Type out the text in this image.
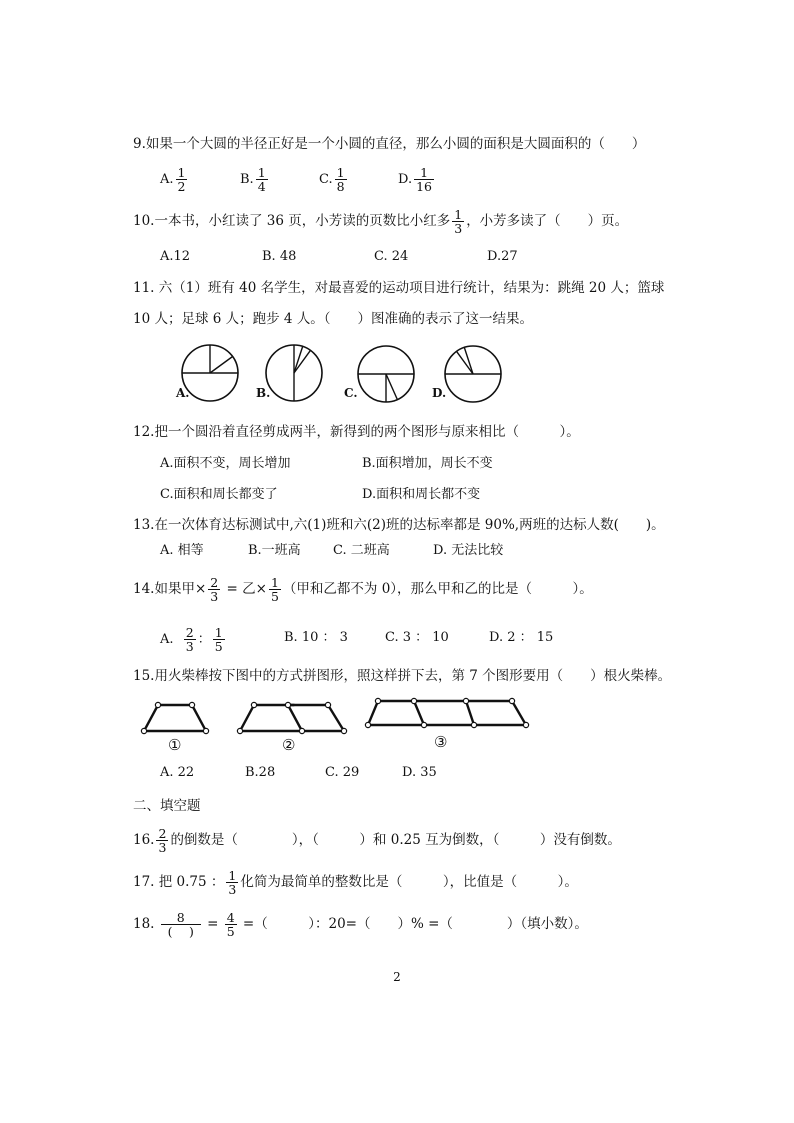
9.如果一个大圆的半径正好是一个小圆的直径，那么小圆的面积是大圆面积的（　　）
A. $\frac{1}{2}$	B. $\frac{1}{4}$	C. $\frac{1}{8}$	D. $\frac{1}{16}$
10.一本书，小红读了 36 页，小芳读的页数比小红多 $\frac{1}{3}$ ，小芳多读了（　　）页。
A.12	B. 48	C. 24	D.27
11. 六（1）班有 40 名学生，对最喜爱的运动项目进行统计，结果为：跳绳 20 人；篮球
10 人；足球 6 人；跑步 4 人。（　　）图准确的表示了这一结果。
A.	B.	C.	D.
12.把一个圆沿着直径剪成两半，新得到的两个图形与原来相比（　　　）。
A.面积不变，周长增加	B.面积增加，周长不变
C.面积和周长都变了	D.面积和周长都不变
13.在一次体育达标测试中,六(1)班和六(2)班的达标率都是 90%,两班的达标人数(　　)。
A. 相等	B.一班高 C. 二班高	D. 无法比较
14.如果甲× $\frac{2}{3}$ = 乙× $\frac{1}{5}$ （甲和乙都不为 0），那么甲和乙的比是（　　　）。
A. $\frac{2}{3}$ ： $\frac{1}{5}$	B. 10 ： 3	C. 3 ： 10	D. 2 ： 15
15.用火柴棒按下图中的方式拼图形，照这样拼下去，第 7 个图形要用（　　）根火柴棒。
①	②	③
A. 22	B.28	C. 29	D. 35
二、填空题
16. $\frac{2}{3}$ 的倒数是（　　　　），（　　　）和 0.25 互为倒数，（　　　）没有倒数。
17. 把 0.75 ： $\frac{1}{3}$ 化简为最简单的整数比是（　　　），比值是（　　　）。
18. $\frac{8}{( )} = \frac{4}{5}$ =（　　　）：20=（　　）% =（　　　　）（填小数）。
2
